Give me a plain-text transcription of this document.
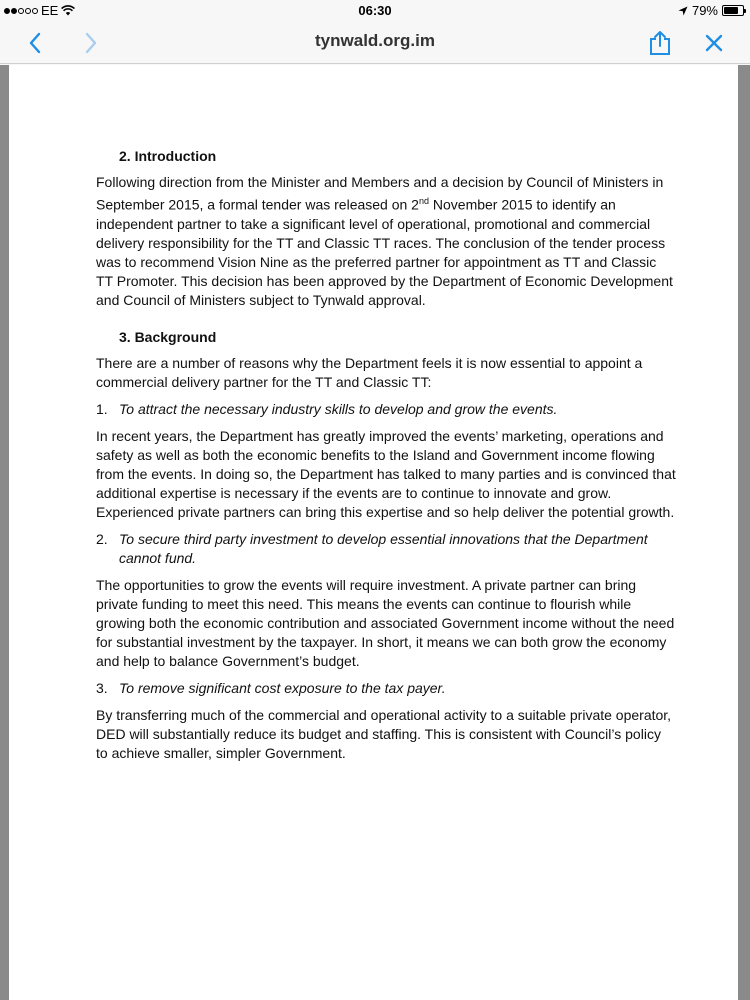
EE	06:30	79%
tynwald.org.im
2. Introduction

Following direction from the Minister and Members and a decision by Council of Ministers in September 2015, a formal tender was released on 2nd November 2015 to identify an independent partner to take a significant level of operational, promotional and commercial delivery responsibility for the TT and Classic TT races. The conclusion of the tender process was to recommend Vision Nine as the preferred partner for appointment as TT and Classic TT Promoter. This decision has been approved by the Department of Economic Development and Council of Ministers subject to Tynwald approval.

3. Background

There are a number of reasons why the Department feels it is now essential to appoint a commercial delivery partner for the TT and Classic TT:

1. To attract the necessary industry skills to develop and grow the events.

In recent years, the Department has greatly improved the events’ marketing, operations and safety as well as both the economic benefits to the Island and Government income flowing from the events. In doing so, the Department has talked to many parties and is convinced that additional expertise is necessary if the events are to continue to innovate and grow. Experienced private partners can bring this expertise and so help deliver the potential growth.

2. To secure third party investment to develop essential innovations that the Department cannot fund.

The opportunities to grow the events will require investment. A private partner can bring private funding to meet this need. This means the events can continue to flourish while growing both the economic contribution and associated Government income without the need for substantial investment by the taxpayer. In short, it means we can both grow the economy and help to balance Government’s budget.

3. To remove significant cost exposure to the tax payer.

By transferring much of the commercial and operational activity to a suitable private operator, DED will substantially reduce its budget and staffing. This is consistent with Council’s policy to achieve smaller, simpler Government.
